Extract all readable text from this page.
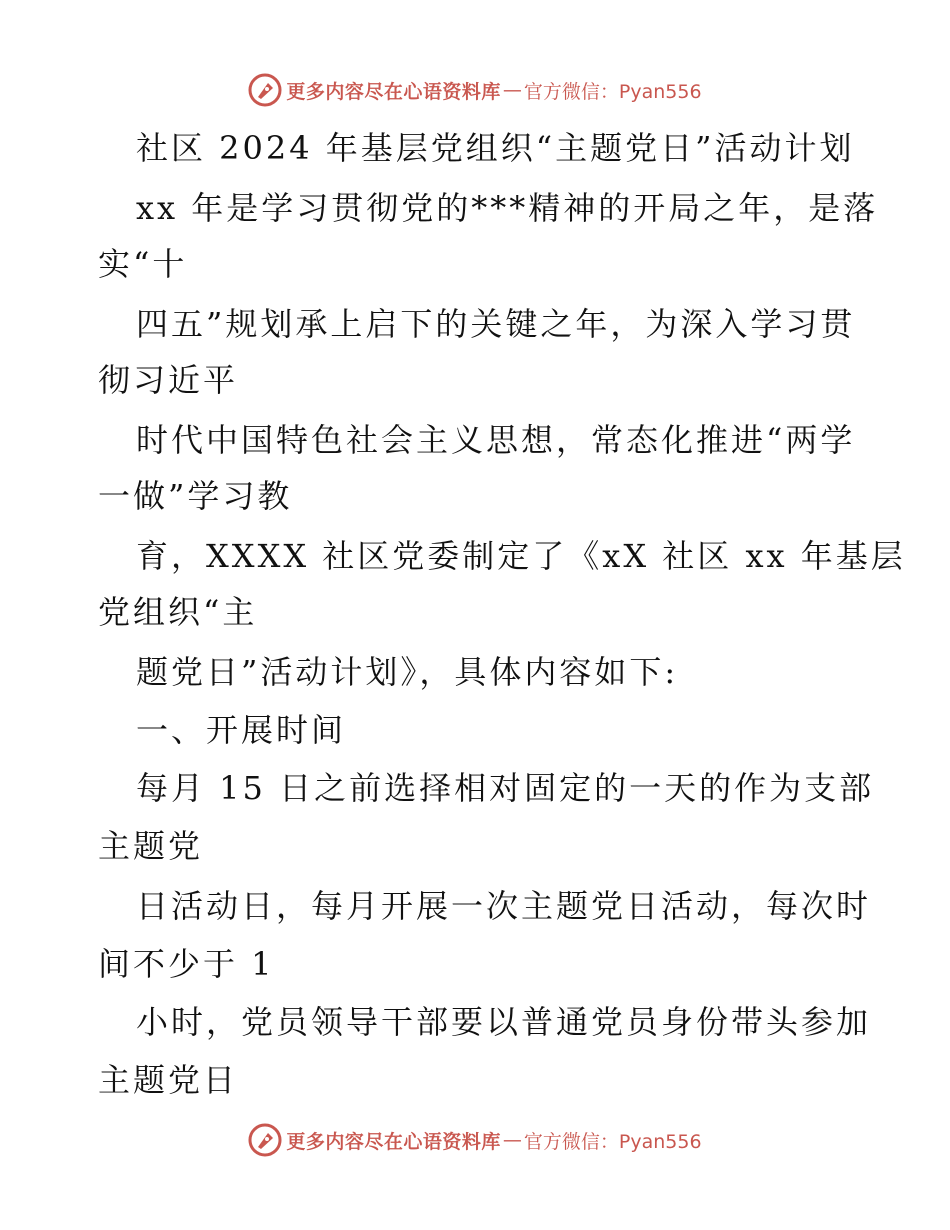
更多内容尽在心语资料库 — 官方微信：Pyan556
社区 2024 年基层党组织“主题党日”活动计划
xx 年是学习贯彻党的***精神的开局之年，是落
实“十
四五”规划承上启下的关键之年，为深入学习贯
彻习近平
时代中国特色社会主义思想，常态化推进“两学
一做”学习教
育，XXXX 社区党委制定了《xX 社区 xx 年基层
党组织“主
题党日”活动计划》，具体内容如下:
一、开展时间
每月 15 日之前选择相对固定的一天的作为支部
主题党
日活动日，每月开展一次主题党日活动，每次时
间不少于 1
小时，党员领导干部要以普通党员身份带头参加
主题党日
更多内容尽在心语资料库 — 官方微信：Pyan556
